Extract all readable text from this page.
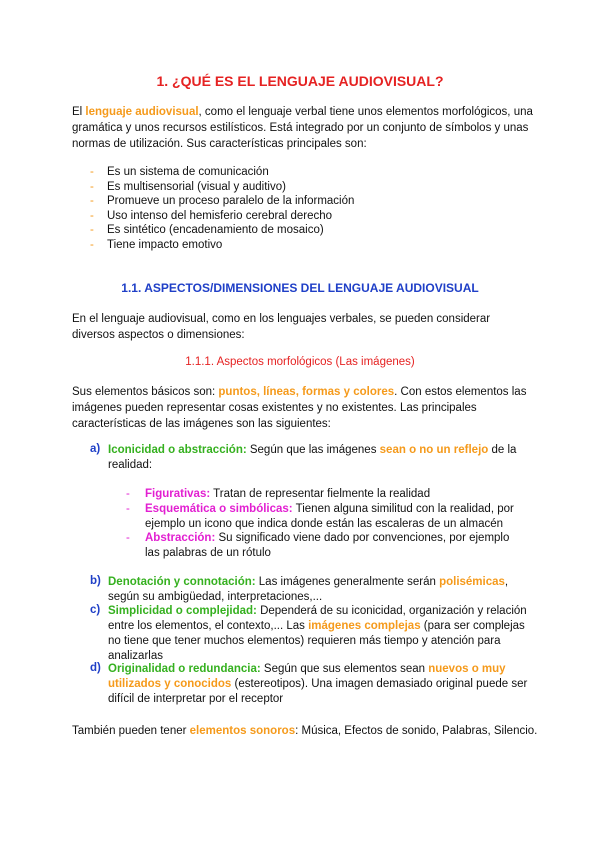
1. ¿QUÉ ES EL LENGUAJE AUDIOVISUAL?
El lenguaje audiovisual, como el lenguaje verbal tiene unos elementos morfológicos, una gramática y unos recursos estilísticos. Está integrado por un conjunto de símbolos y unas normas de utilización. Sus características principales son:
- Es un sistema de comunicación
- Es multisensorial (visual y auditivo)
- Promueve un proceso paralelo de la información
- Uso intenso del hemisferio cerebral derecho
- Es sintético (encadenamiento de mosaico)
- Tiene impacto emotivo
1.1. ASPECTOS/DIMENSIONES DEL LENGUAJE AUDIOVISUAL
En el lenguaje audiovisual, como en los lenguajes verbales, se pueden considerar diversos aspectos o dimensiones:
1.1.1. Aspectos morfológicos (Las imágenes)
Sus elementos básicos son: puntos, líneas, formas y colores. Con estos elementos las imágenes pueden representar cosas existentes y no existentes. Las principales características de las imágenes son las siguientes:
a) Iconicidad o abstracción: Según que las imágenes sean o no un reflejo de la realidad:
- Figurativas: Tratan de representar fielmente la realidad
- Esquemática o simbólicas: Tienen alguna similitud con la realidad, por ejemplo un icono que indica donde están las escaleras de un almacén
- Abstracción: Su significado viene dado por convenciones, por ejemplo las palabras de un rótulo
b) Denotación y connotación: Las imágenes generalmente serán polisémicas, según su ambigüedad, interpretaciones,...
c) Simplicidad o complejidad: Dependerá de su iconicidad, organización y relación entre los elementos, el contexto,... Las imágenes complejas (para ser complejas no tiene que tener muchos elementos) requieren más tiempo y atención para analizarlas
d) Originalidad o redundancia: Según que sus elementos sean nuevos o muy utilizados y conocidos (estereotipos). Una imagen demasiado original puede ser difícil de interpretar por el receptor
También pueden tener elementos sonoros: Música, Efectos de sonido, Palabras, Silencio.
